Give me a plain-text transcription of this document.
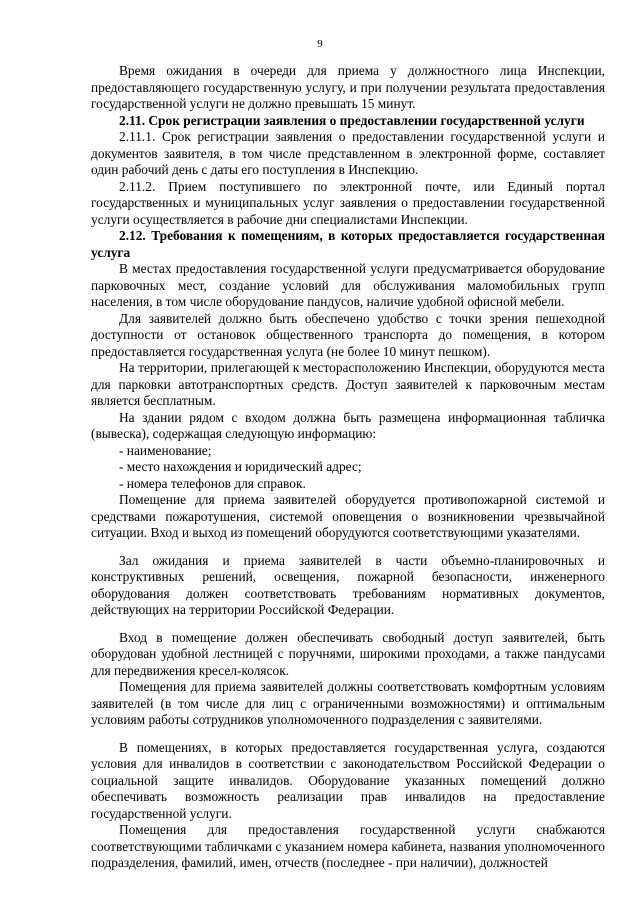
9

Время ожидания в очереди для приема у должностного лица Инспекции, предоставляющего государственную услугу, и при получении результата предоставления государственной услуги не должно превышать 15 минут.

2.11. Срок регистрации заявления о предоставлении государственной услуги

2.11.1. Срок регистрации заявления о предоставлении государственной услуги и документов заявителя, в том числе представленном в электронной форме, составляет один рабочий день с даты его поступления в Инспекцию.

2.11.2. Прием поступившего по электронной почте, или Единый портал государственных и муниципальных услуг заявления о предоставлении государственной услуги осуществляется в рабочие дни специалистами Инспекции.

2.12. Требования к помещениям, в которых предоставляется государственная услуга

В местах предоставления государственной услуги предусматривается оборудование парковочных мест, создание условий для обслуживания маломобильных групп населения, в том числе оборудование пандусов, наличие удобной офисной мебели.

Для заявителей должно быть обеспечено удобство с точки зрения пешеходной доступности от остановок общественного транспорта до помещения, в котором предоставляется государственная услуга (не более 10 минут пешком).

На территории, прилегающей к месторасположению Инспекции, оборудуются места для парковки автотранспортных средств. Доступ заявителей к парковочным местам является бесплатным.

На здании рядом с входом должна быть размещена информационная табличка (вывеска), содержащая следующую информацию:

- наименование;

- место нахождения и юридический адрес;

- номера телефонов для справок.

Помещение для приема заявителей оборудуется противопожарной системой и средствами пожаротушения, системой оповещения о возникновении чрезвычайной ситуации. Вход и выход из помещений оборудуются соответствующими указателями.

Зал ожидания и приема заявителей в части объемно-планировочных и конструктивных решений, освещения, пожарной безопасности, инженерного оборудования должен соответствовать требованиям нормативных документов, действующих на территории Российской Федерации.

Вход в помещение должен обеспечивать свободный доступ заявителей, быть оборудован удобной лестницей с поручнями, широкими проходами, а также пандусами для передвижения кресел-колясок.

Помещения для приема заявителей должны соответствовать комфортным условиям заявителей (в том числе для лиц с ограниченными возможностями) и оптимальным условиям работы сотрудников уполномоченного подразделения с заявителями.

В помещениях, в которых предоставляется государственная услуга, создаются условия для инвалидов в соответствии с законодательством Российской Федерации о социальной защите инвалидов. Оборудование указанных помещений должно обеспечивать возможность реализации прав инвалидов на предоставление государственной услуги.

Помещения для предоставления государственной услуги снабжаются соответствующими табличками с указанием номера кабинета, названия уполномоченного подразделения, фамилий, имен, отчеств (последнее - при наличии), должностей
